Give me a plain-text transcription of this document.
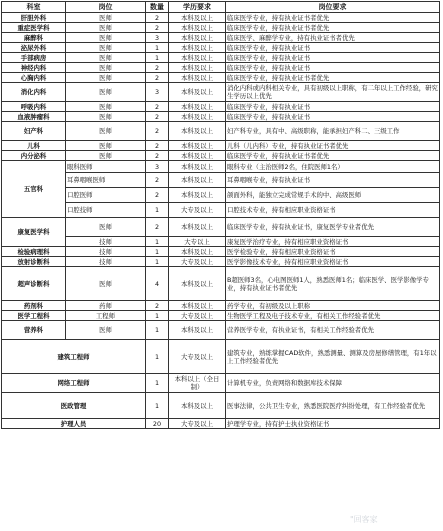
科室	岗位	数量	学历要求	岗位要求
肝胆外科	医师	2	本科及以上	临床医学专业，持有执业证书者优先
重症医学科	医师	2	本科及以上	临床医学专业，持有执业证书者优先
麻醉科	医师	3	本科及以上	临床医学、麻醉学专业，持有执业证书者优先
泌尿外科	医师	1	本科及以上	临床医学专业，持有执业证书
手部病房	医师	1	本科及以上	临床医学专业，持有执业证书
神经内科	医师	2	本科及以上	临床医学专业，持有执业证书
心胸内科	医师	2	本科及以上	临床医学专业，持有执业证书者优先
消化内科	医师	3	本科及以上	消化内科或内科相关专业，具有初级以上职称，有二年以上工作经验，研究生学历以上优先
呼吸内科	医师	2	本科及以上	临床医学专业，持有执业证书
血液肿瘤科	医师	2	本科及以上	临床医学专业，持有执业证书
妇产科	医师	2	本科及以上	妇产科专业，具有中、高级职称，能承担妇产科二、三级工作
儿科	医师	2	本科及以上	儿科（儿内科）专业，持有执业证书者优先
内分泌科	医师	2	本科及以上	临床医学专业，持有执业证书者优先
五官科	眼科医师	3	本科及以上	眼科专业（主治医师2名，住院医师1名）
	耳鼻咽喉医师	2	本科及以上	耳鼻咽喉专业，持有执业证书
	口腔医师	2	本科及以上	颌面外科，能独立完成常规手术的中、高级医师
	口腔技师	1	大专及以上	口腔技术专业，持有相应职业资格证书
康复医学科	医师	2	本科及以上	临床医学专业，持有执业证书，康复医学专业者优先
	技师	1	大专以上	康复医学治疗专业，持有相应职业资格证书
检验病理科	技师	1	本科及以上	医学检验专业，持有相应职业资格证书
放射诊断科	技师	1	大专及以上	医学影像技术专业，持有相应职业资格证书
超声诊断科	医师	4	本科及以上	B超医师3名，心电图医师1人，熟悉医师1名；临床医学、医学影像学专业，持有执业证书者优先
药剂科	药师	2	本科及以上	药学专业，有初级及以上职称
医学工程科	工程师	1	大专及以上	生物医学工程及电子技术专业，有相关工作经验者优先
营养科	医师	1	本科及以上	营养医学专业，有执业证书，有相关工作经验者优先
建筑工程师		1	大专及以上	建筑专业，熟练掌握CAD软件，熟悉测量、测算及房屋修缮管理，有1年以上工作经验者优先
网络工程师		1	本科以上（全日制）	计算机专业，负责网络和数据库技术保障
医政管理		1	本科及以上	医事法律，公共卫生专业，熟悉医院医疗纠纷处理，有工作经验者优先
护理人员		20	大专及以上	护理学专业，持有护士执业资格证书
"回客家
